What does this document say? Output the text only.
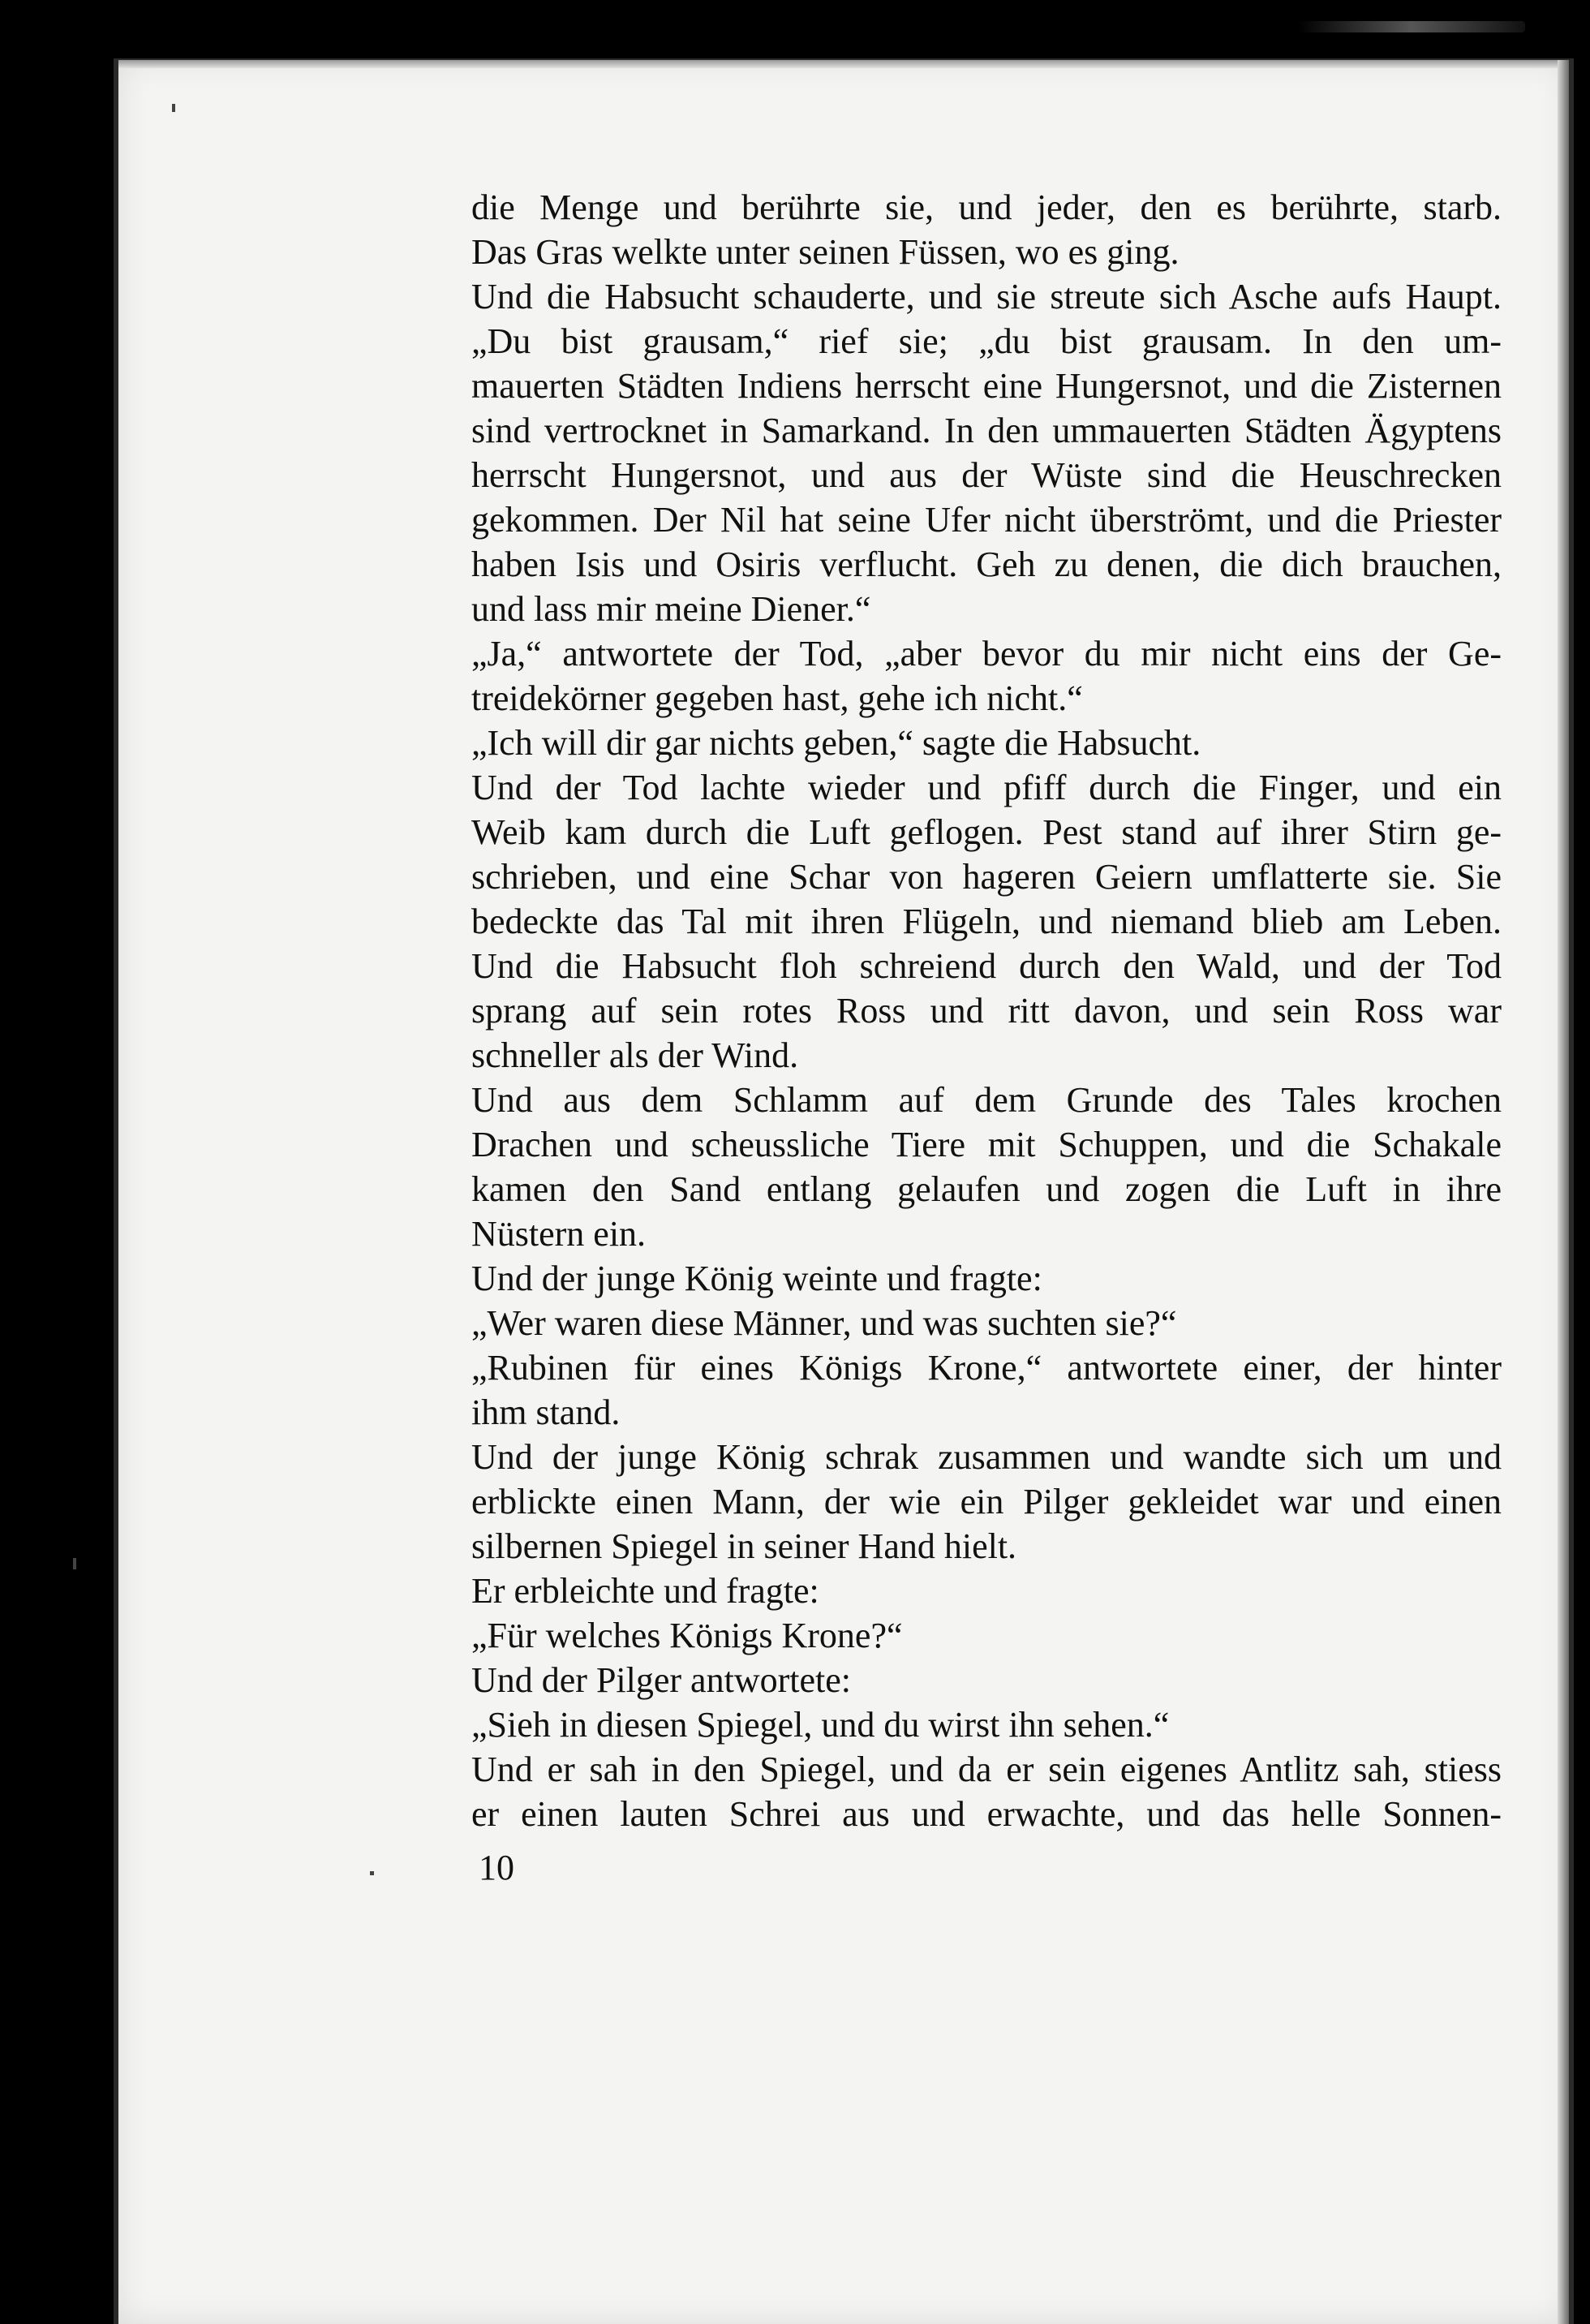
die Menge und berührte sie, und jeder, den es berührte, starb.
Das Gras welkte unter seinen Füssen, wo es ging.
Und die Habsucht schauderte, und sie streute sich Asche aufs Haupt.
„Du bist grausam,“ rief sie; „du bist grausam. In den um-
mauerten Städten Indiens herrscht eine Hungersnot, und die Zisternen
sind vertrocknet in Samarkand. In den ummauerten Städten Ägyptens
herrscht Hungersnot, und aus der Wüste sind die Heuschrecken
gekommen. Der Nil hat seine Ufer nicht überströmt, und die Priester
haben Isis und Osiris verflucht. Geh zu denen, die dich brauchen,
und lass mir meine Diener.“
„Ja,“ antwortete der Tod, „aber bevor du mir nicht eins der Ge-
treidekörner gegeben hast, gehe ich nicht.“
„Ich will dir gar nichts geben,“ sagte die Habsucht.
Und der Tod lachte wieder und pfiff durch die Finger, und ein
Weib kam durch die Luft geflogen. Pest stand auf ihrer Stirn ge-
schrieben, und eine Schar von hageren Geiern umflatterte sie. Sie
bedeckte das Tal mit ihren Flügeln, und niemand blieb am Leben.
Und die Habsucht floh schreiend durch den Wald, und der Tod
sprang auf sein rotes Ross und ritt davon, und sein Ross war
schneller als der Wind.
Und aus dem Schlamm auf dem Grunde des Tales krochen
Drachen und scheussliche Tiere mit Schuppen, und die Schakale
kamen den Sand entlang gelaufen und zogen die Luft in ihre
Nüstern ein.
Und der junge König weinte und fragte:
„Wer waren diese Männer, und was suchten sie?“
„Rubinen für eines Königs Krone,“ antwortete einer, der hinter
ihm stand.
Und der junge König schrak zusammen und wandte sich um und
erblickte einen Mann, der wie ein Pilger gekleidet war und einen
silbernen Spiegel in seiner Hand hielt.
Er erbleichte und fragte:
„Für welches Königs Krone?“
Und der Pilger antwortete:
„Sieh in diesen Spiegel, und du wirst ihn sehen.“
Und er sah in den Spiegel, und da er sein eigenes Antlitz sah, stiess
er einen lauten Schrei aus und erwachte, und das helle Sonnen-
10
